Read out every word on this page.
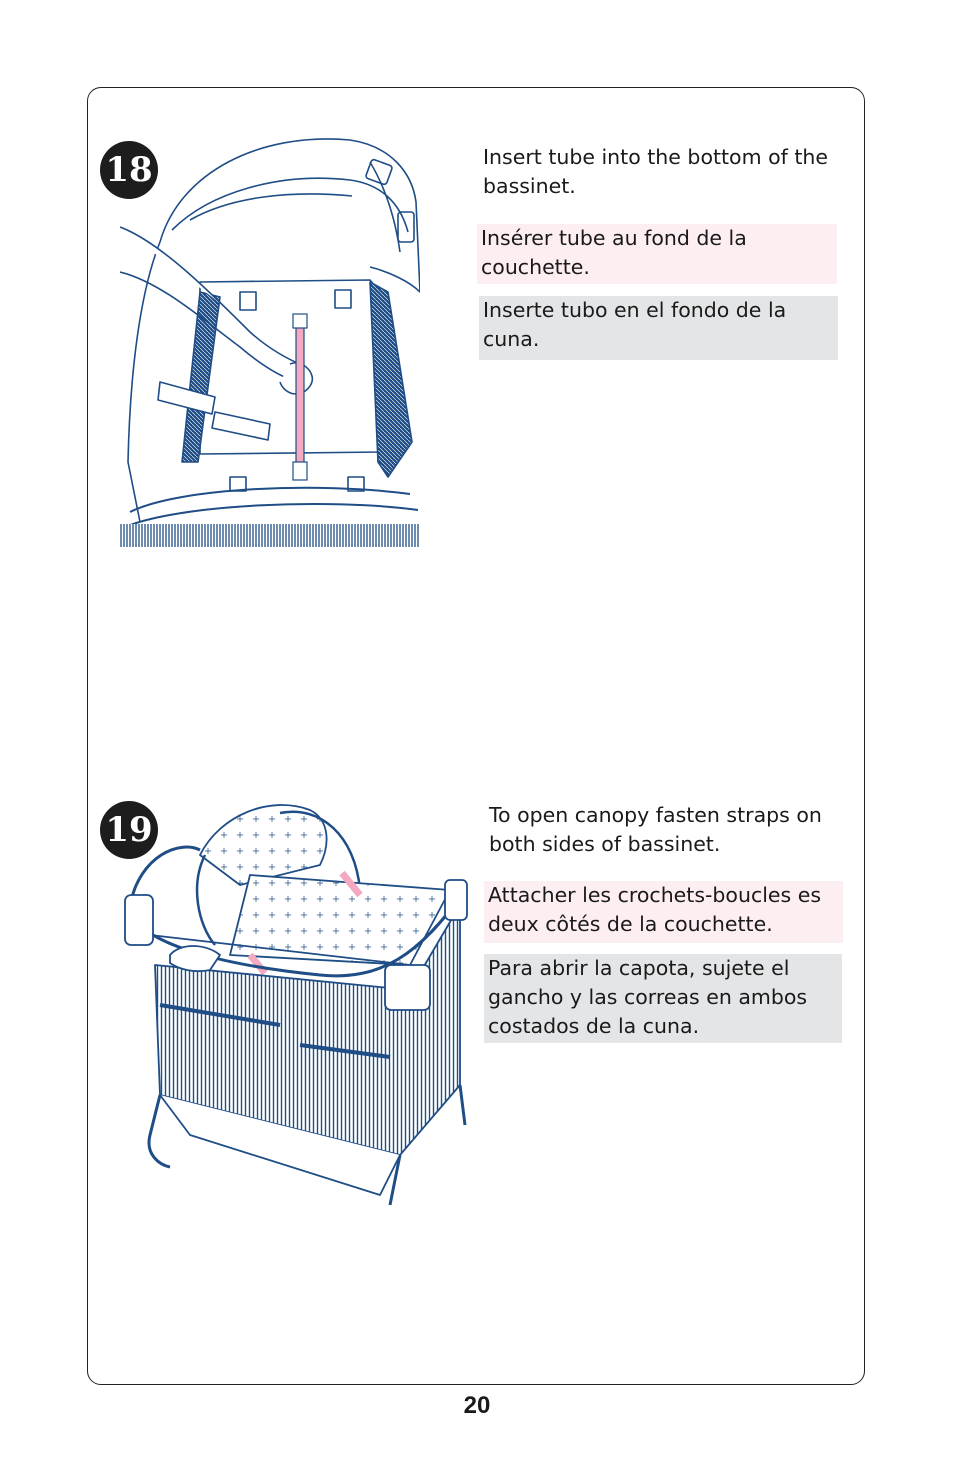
18	Insert tube into the bottom of the bassinet.
Insérer tube au fond de la couchette.
Inserte tubo en el fondo de la cuna.
19	To open canopy fasten straps on both sides of bassinet.
Attacher les crochets-boucles es deux côtés de la couchette.
Para abrir la capota, sujete el gancho y las correas en ambos costados de la cuna.
20
